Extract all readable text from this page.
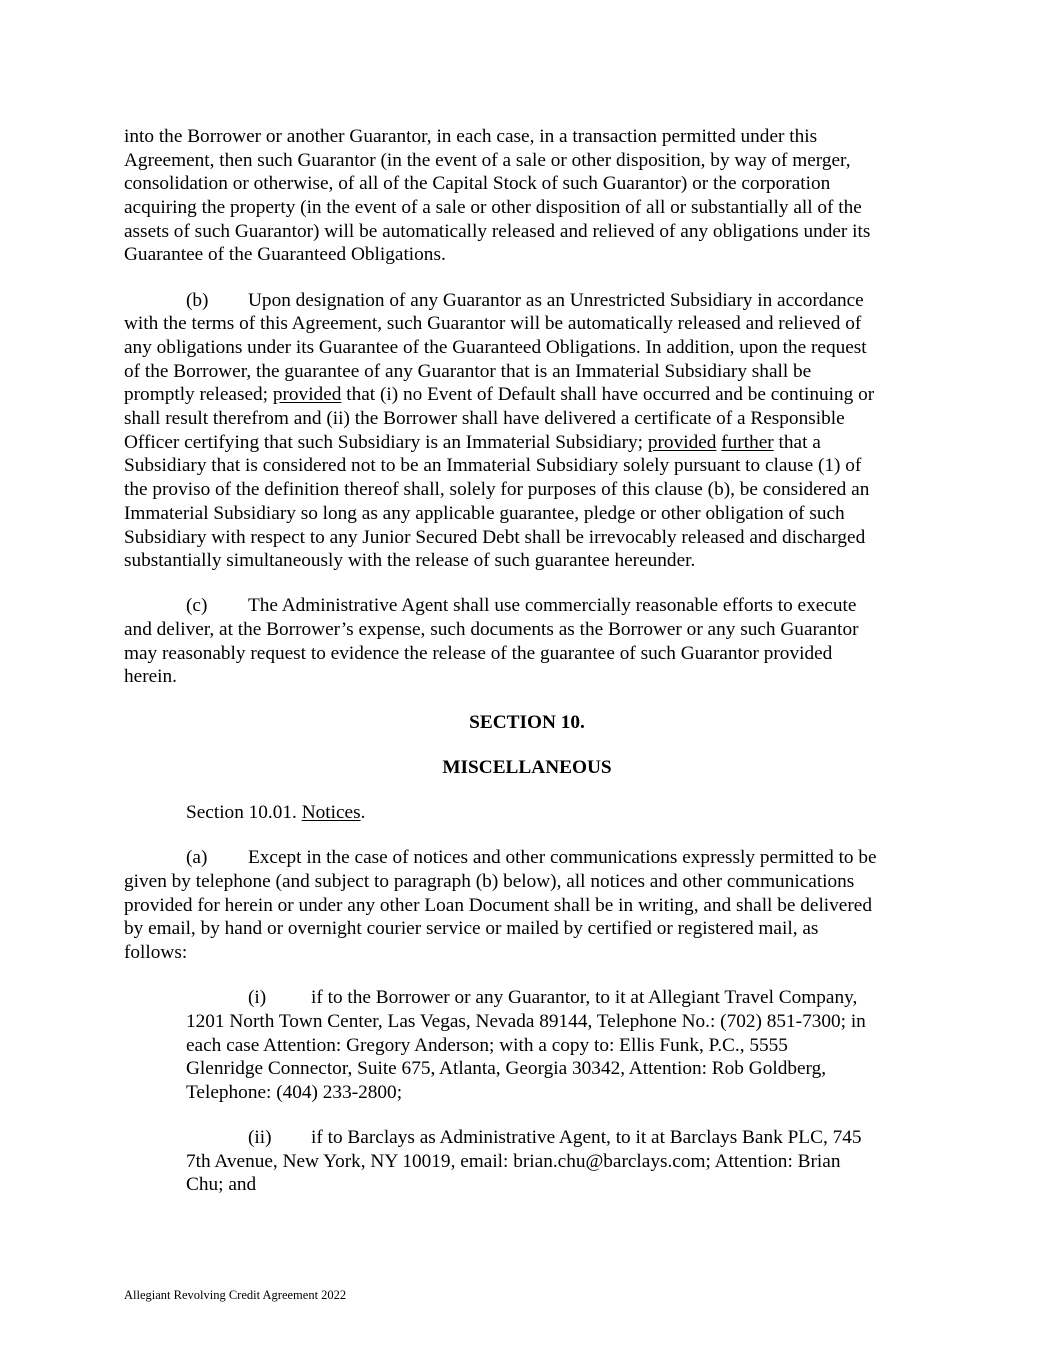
into the Borrower or another Guarantor, in each case, in a transaction permitted under this
Agreement, then such Guarantor (in the event of a sale or other disposition, by way of merger,
consolidation or otherwise, of all of the Capital Stock of such Guarantor) or the corporation
acquiring the property (in the event of a sale or other disposition of all or substantially all of the
assets of such Guarantor) will be automatically released and relieved of any obligations under its
Guarantee of the Guaranteed Obligations.
(b) Upon designation of any Guarantor as an Unrestricted Subsidiary in accordance
with the terms of this Agreement, such Guarantor will be automatically released and relieved of
any obligations under its Guarantee of the Guaranteed Obligations. In addition, upon the request
of the Borrower, the guarantee of any Guarantor that is an Immaterial Subsidiary shall be
promptly released; provided that (i) no Event of Default shall have occurred and be continuing or
shall result therefrom and (ii) the Borrower shall have delivered a certificate of a Responsible
Officer certifying that such Subsidiary is an Immaterial Subsidiary; provided further that a
Subsidiary that is considered not to be an Immaterial Subsidiary solely pursuant to clause (1) of
the proviso of the definition thereof shall, solely for purposes of this clause (b), be considered an
Immaterial Subsidiary so long as any applicable guarantee, pledge or other obligation of such
Subsidiary with respect to any Junior Secured Debt shall be irrevocably released and discharged
substantially simultaneously with the release of such guarantee hereunder.
(c) The Administrative Agent shall use commercially reasonable efforts to execute
and deliver, at the Borrower’s expense, such documents as the Borrower or any such Guarantor
may reasonably request to evidence the release of the guarantee of such Guarantor provided
herein.
SECTION 10.
MISCELLANEOUS
Section 10.01. Notices.
(a) Except in the case of notices and other communications expressly permitted to be
given by telephone (and subject to paragraph (b) below), all notices and other communications
provided for herein or under any other Loan Document shall be in writing, and shall be delivered
by email, by hand or overnight courier service or mailed by certified or registered mail, as
follows:
(i) if to the Borrower or any Guarantor, to it at Allegiant Travel Company,
1201 North Town Center, Las Vegas, Nevada 89144, Telephone No.: (702) 851-7300; in
each case Attention: Gregory Anderson; with a copy to: Ellis Funk, P.C., 5555
Glenridge Connector, Suite 675, Atlanta, Georgia 30342, Attention: Rob Goldberg,
Telephone: (404) 233-2800;
(ii) if to Barclays as Administrative Agent, to it at Barclays Bank PLC, 745
7th Avenue, New York, NY 10019, email: brian.chu@barclays.com; Attention: Brian
Chu; and
Allegiant Revolving Credit Agreement 2022
